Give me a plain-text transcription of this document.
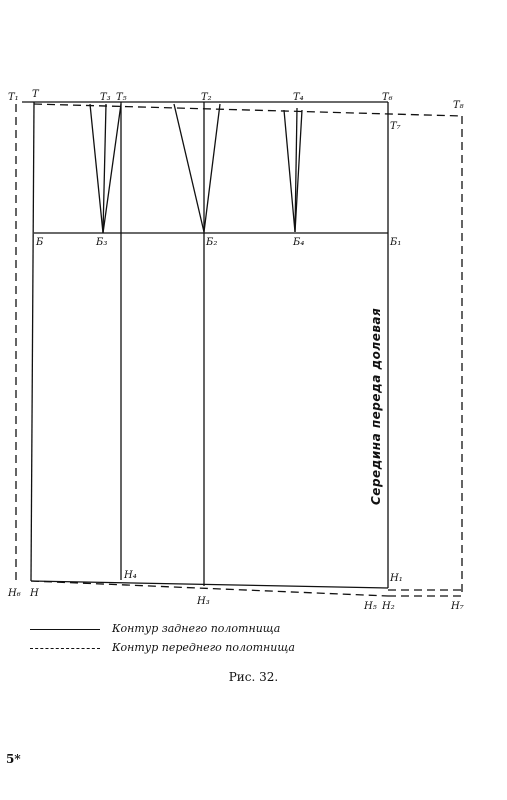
Т₁ Т	Т₃ Т₅	Т₂	Т₄	Т₆
Т₈
Т₇
Б	Б₃	Б₂	Б₄	Б₁
Н₆ Н
Н₄
Н₃
Н₁
Н₅ Н₂	Н₇
Середина переда долевая
Контур заднего полотнища
Контур переднего полотнища
Рис. 32.
5*
